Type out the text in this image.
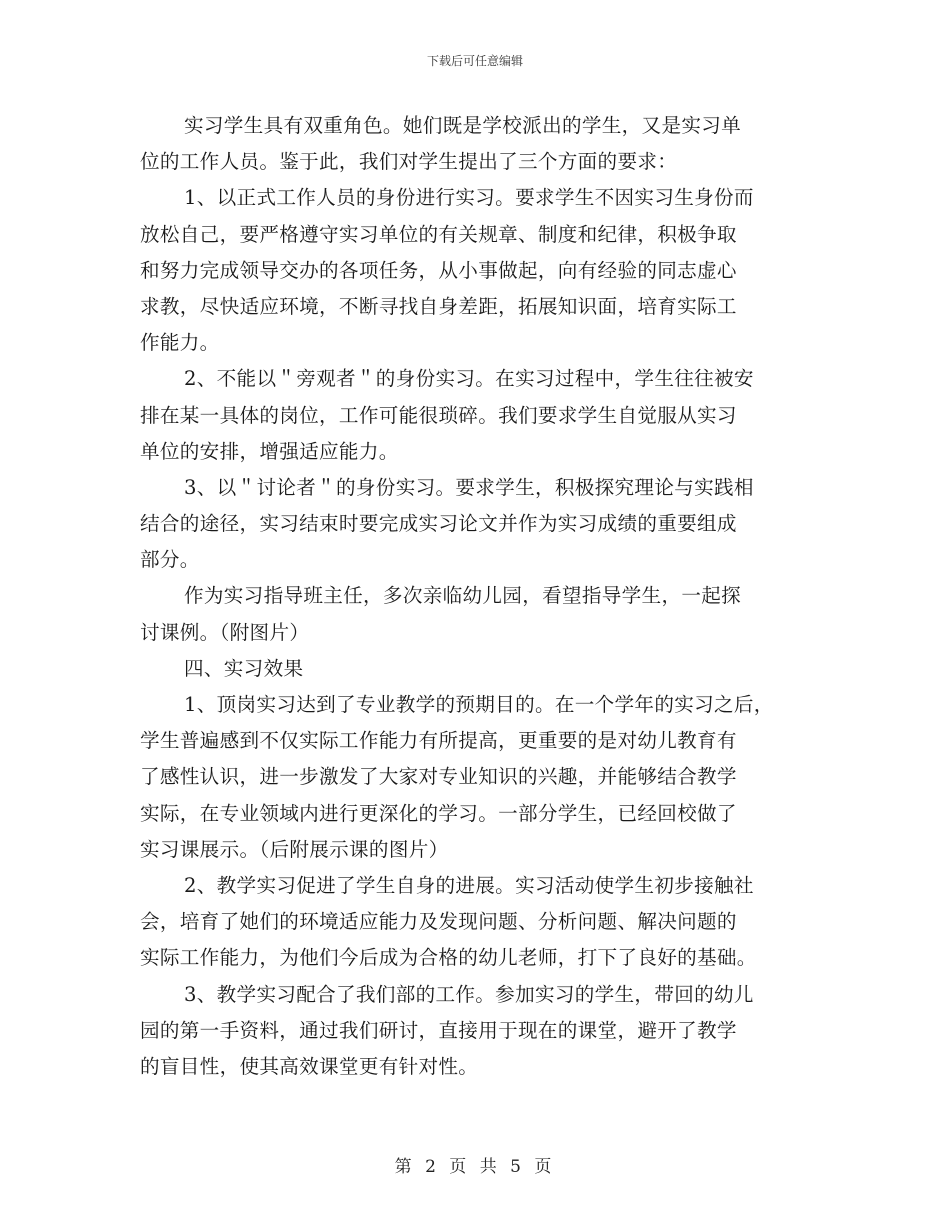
下载后可任意编辑
实习学生具有双重角色。她们既是学校派出的学生，又是实习单
位的工作人员。鉴于此，我们对学生提出了三个方面的要求：
1、以正式工作人员的身份进行实习。要求学生不因实习生身份而
放松自己，要严格遵守实习单位的有关规章、制度和纪律，积极争取
和努力完成领导交办的各项任务，从小事做起，向有经验的同志虚心
求教，尽快适应环境，不断寻找自身差距，拓展知识面，培育实际工
作能力。
2、不能以＂旁观者＂的身份实习。在实习过程中，学生往往被安
排在某一具体的岗位，工作可能很琐碎。我们要求学生自觉服从实习
单位的安排，增强适应能力。
3、以＂讨论者＂的身份实习。要求学生，积极探究理论与实践相
结合的途径，实习结束时要完成实习论文并作为实习成绩的重要组成
部分。
作为实习指导班主任，多次亲临幼儿园，看望指导学生，一起探
讨课例。（附图片）
四、实习效果
1、顶岗实习达到了专业教学的预期目的。在一个学年的实习之后，
学生普遍感到不仅实际工作能力有所提高，更重要的是对幼儿教育有
了感性认识，进一步激发了大家对专业知识的兴趣，并能够结合教学
实际，在专业领域内进行更深化的学习。一部分学生，已经回校做了
实习课展示。（后附展示课的图片）
2、教学实习促进了学生自身的进展。实习活动使学生初步接触社
会，培育了她们的环境适应能力及发现问题、分析问题、解决问题的
实际工作能力，为他们今后成为合格的幼儿老师，打下了良好的基础。
3、教学实习配合了我们部的工作。参加实习的学生，带回的幼儿
园的第一手资料，通过我们研讨，直接用于现在的课堂，避开了教学
的盲目性，使其高效课堂更有针对性。
第 2 页 共 5 页
